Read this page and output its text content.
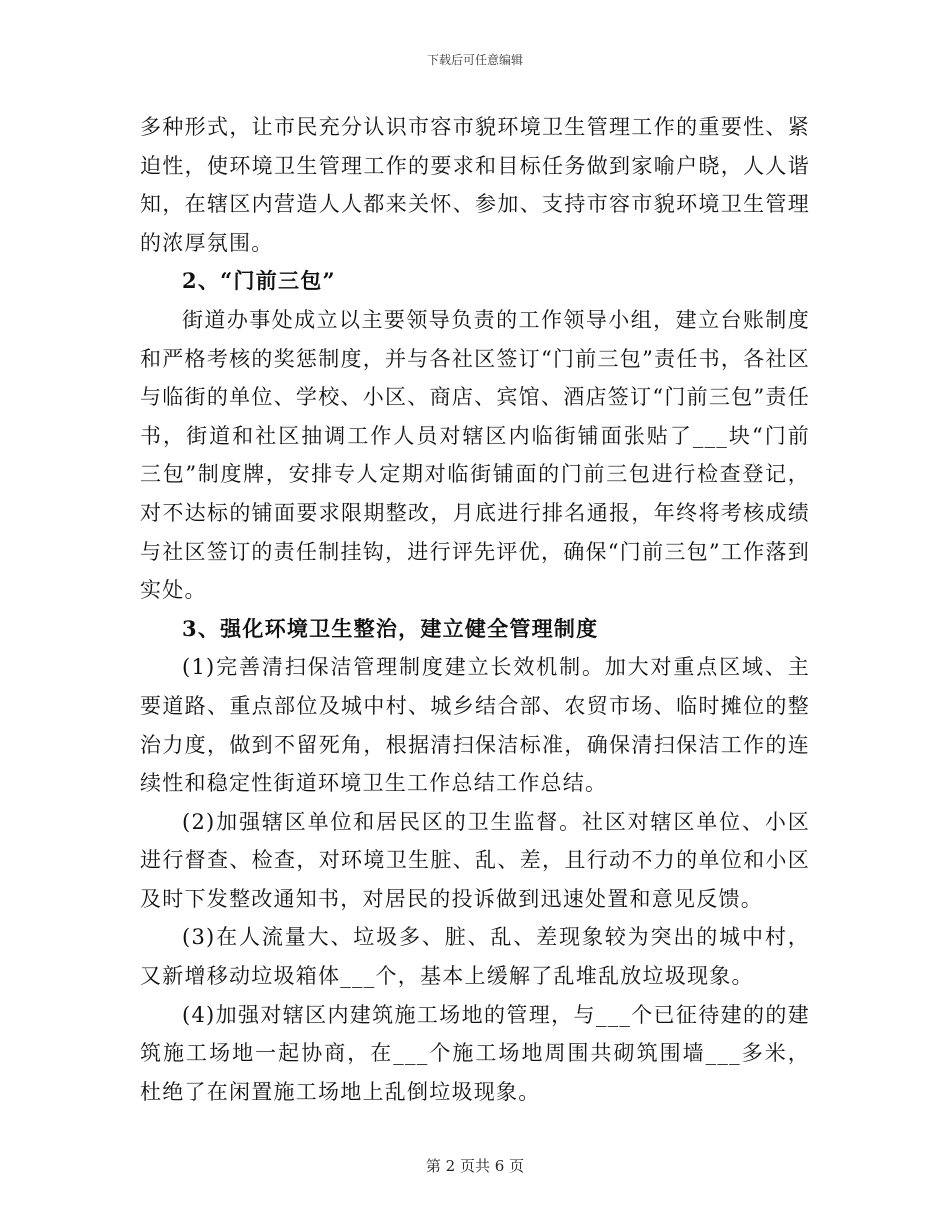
下载后可任意编辑

多种形式，让市民充分认识市容市貌环境卫生管理工作的重要性、紧迫性，使环境卫生管理工作的要求和目标任务做到家喻户晓，人人谐知，在辖区内营造人人都来关怀、参加、支持市容市貌环境卫生管理的浓厚氛围。

2、“门前三包”

街道办事处成立以主要领导负责的工作领导小组，建立台账制度和严格考核的奖惩制度，并与各社区签订“门前三包”责任书，各社区与临街的单位、学校、小区、商店、宾馆、酒店签订“门前三包”责任书，街道和社区抽调工作人员对辖区内临街铺面张贴了___块“门前三包”制度牌，安排专人定期对临街铺面的门前三包进行检查登记，对不达标的铺面要求限期整改，月底进行排名通报，年终将考核成绩与社区签订的责任制挂钩，进行评先评优，确保“门前三包”工作落到实处。

3、强化环境卫生整治，建立健全管理制度

(1)完善清扫保洁管理制度建立长效机制。加大对重点区域、主要道路、重点部位及城中村、城乡结合部、农贸市场、临时摊位的整治力度，做到不留死角，根据清扫保洁标准，确保清扫保洁工作的连续性和稳定性街道环境卫生工作总结工作总结。

(2)加强辖区单位和居民区的卫生监督。社区对辖区单位、小区进行督查、检查，对环境卫生脏、乱、差，且行动不力的单位和小区及时下发整改通知书，对居民的投诉做到迅速处置和意见反馈。

(3)在人流量大、垃圾多、脏、乱、差现象较为突出的城中村，又新增移动垃圾箱体___个，基本上缓解了乱堆乱放垃圾现象。

(4)加强对辖区内建筑施工场地的管理，与___个已征待建的的建筑施工场地一起协商，在___个施工场地周围共砌筑围墙___多米，杜绝了在闲置施工场地上乱倒垃圾现象。

第 2 页共 6 页
